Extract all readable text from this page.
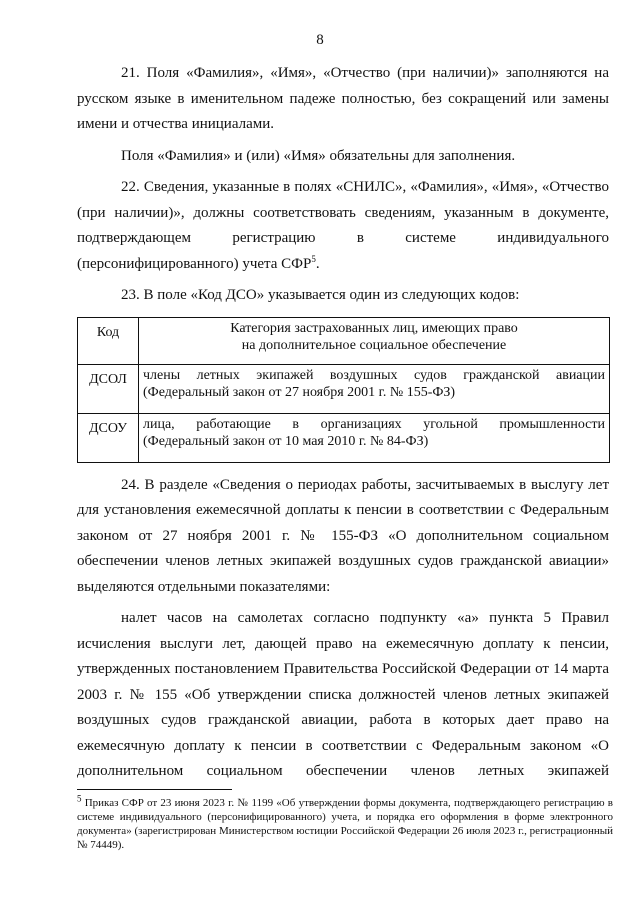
8

21. Поля «Фамилия», «Имя», «Отчество (при наличии)» заполняются на русском языке в именительном падеже полностью, без сокращений или замены имени и отчества инициалами.

Поля «Фамилия» и (или) «Имя» обязательны для заполнения.

22. Сведения, указанные в полях «СНИЛС», «Фамилия», «Имя», «Отчество (при наличии)», должны соответствовать сведениям, указанным в документе, подтверждающем регистрацию в системе индивидуального (персонифицированного) учета СФР$^5$.

23. В поле «Код ДСО» указывается один из следующих кодов:

Код	Категория застрахованных лиц, имеющих право
на дополнительное социальное обеспечение

ДСОЛ	члены летных экипажей воздушных судов гражданской авиации
(Федеральный закон от 27 ноября 2001 г. № 155-ФЗ)

ДСОУ	лица, работающие в организациях угольной промышленности
(Федеральный закон от 10 мая 2010 г. № 84-ФЗ)

24. В разделе «Сведения о периодах работы, засчитываемых в выслугу лет для установления ежемесячной доплаты к пенсии в соответствии с Федеральным законом от 27 ноября 2001 г. № 155-ФЗ «О дополнительном социальном обеспечении членов летных экипажей воздушных судов гражданской авиации» выделяются отдельными показателями:

налет часов на самолетах согласно подпункту «а» пункта 5 Правил исчисления выслуги лет, дающей право на ежемесячную доплату к пенсии, утвержденных постановлением Правительства Российской Федерации от 14 марта 2003 г. № 155 «Об утверждении списка должностей членов летных экипажей воздушных судов гражданской авиации, работа в которых дает право на ежемесячную доплату к пенсии в соответствии с Федеральным законом «О дополнительном социальном обеспечении членов летных экипажей

$^5$ Приказ СФР от 23 июня 2023 г. № 1199 «Об утверждении формы документа, подтверждающего регистрацию в системе индивидуального (персонифицированного) учета, и порядка его оформления в форме электронного документа» (зарегистрирован Министерством юстиции Российской Федерации 26 июля 2023 г., регистрационный № 74449).
